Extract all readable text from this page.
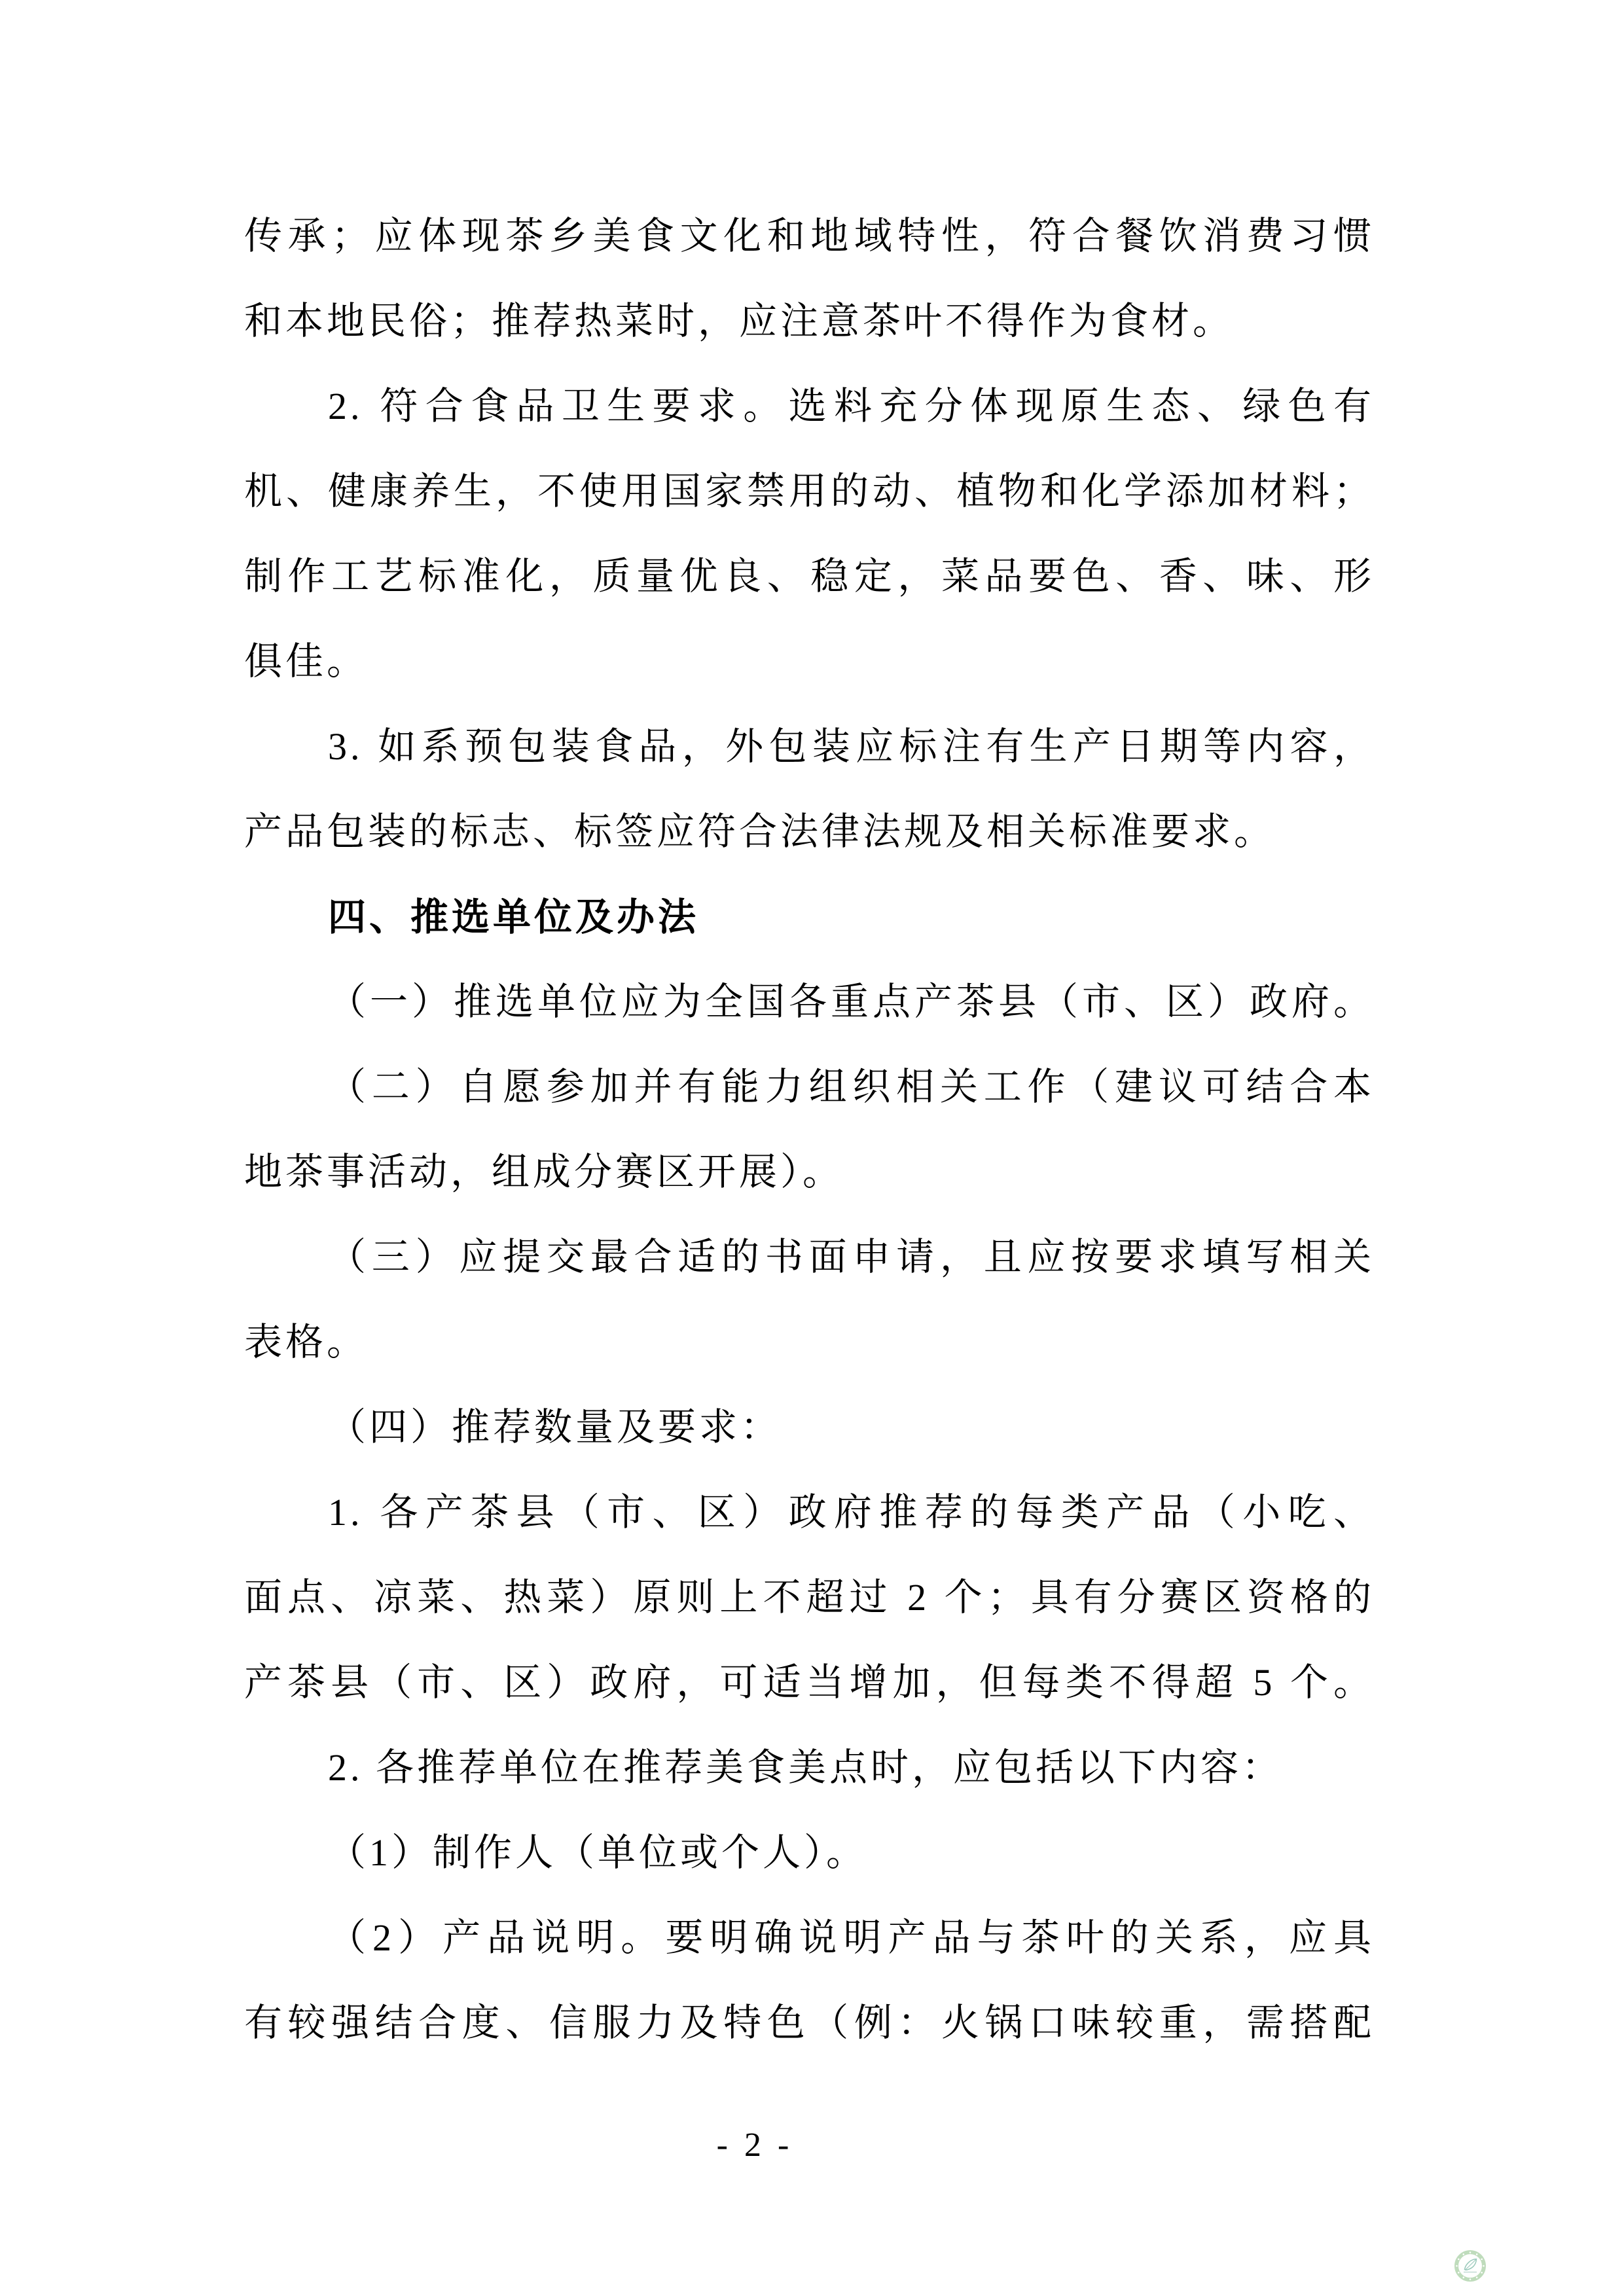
传承；应体现茶乡美食文化和地域特性，符合餐饮消费习惯
和本地民俗；推荐热菜时，应注意茶叶不得作为食材。
2. 符合食品卫生要求。选料充分体现原生态、绿色有
机、健康养生，不使用国家禁用的动、植物和化学添加材料；
制作工艺标准化，质量优良、稳定，菜品要色、香、味、形
俱佳。
3. 如系预包装食品，外包装应标注有生产日期等内容，
产品包装的标志、标签应符合法律法规及相关标准要求。
四、推选单位及办法
（一）推选单位应为全国各重点产茶县（市、区）政府。
（二）自愿参加并有能力组织相关工作（建议可结合本
地茶事活动，组成分赛区开展）。
（三）应提交最合适的书面申请，且应按要求填写相关
表格。
（四）推荐数量及要求：
1. 各产茶县（市、区）政府推荐的每类产品（小吃、
面点、凉菜、热菜）原则上不超过 2 个；具有分赛区资格的
产茶县（市、区）政府，可适当增加，但每类不得超 5 个。
2. 各推荐单位在推荐美食美点时，应包括以下内容：
（1）制作人（单位或个人）。
（2）产品说明。要明确说明产品与茶叶的关系，应具
有较强结合度、信服力及特色（例：火锅口味较重，需搭配
- 2 -
